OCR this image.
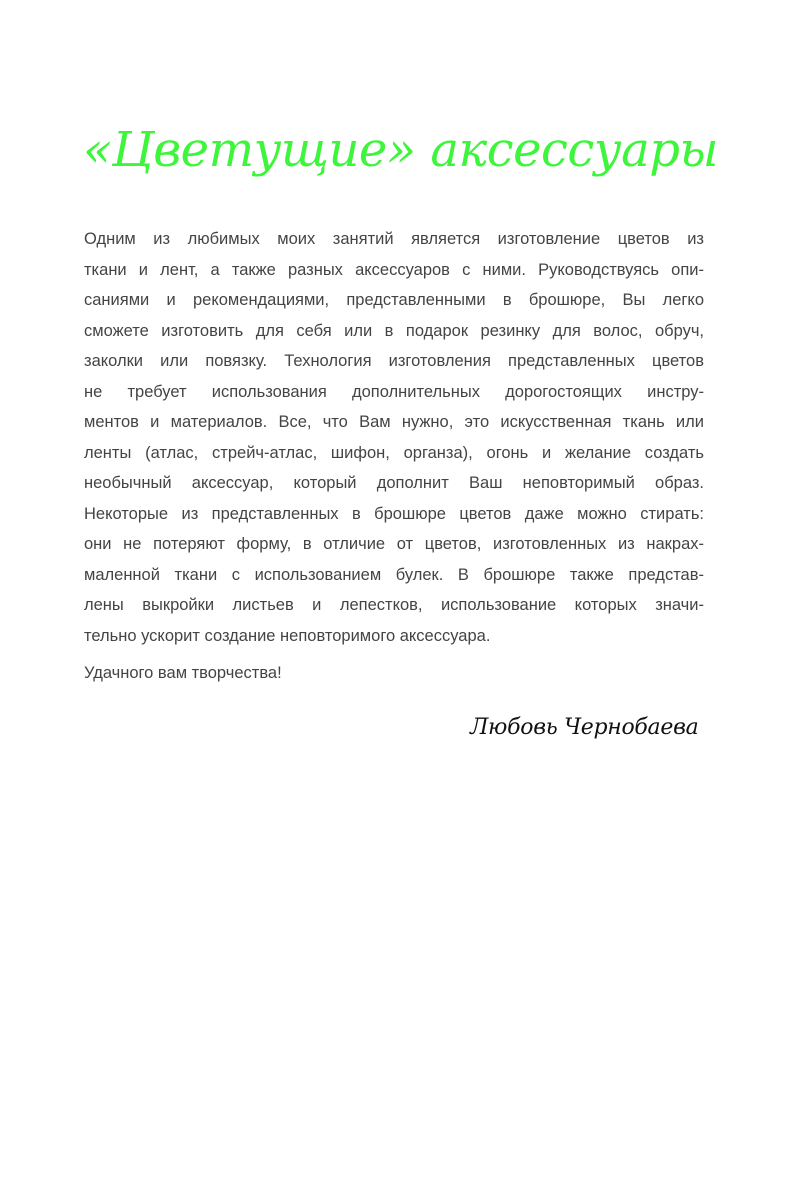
«Цветущие» аксессуары
Одним из любимых моих занятий является изготовление цветов из
ткани и лент, а также разных аксессуаров с ними. Руководствуясь опи-
саниями и рекомендациями, представленными в брошюре, Вы легко
сможете изготовить для себя или в подарок резинку для волос, обруч,
заколки или повязку. Технология изготовления представленных цветов
не требует использования дополнительных дорогостоящих инстру-
ментов и материалов. Все, что Вам нужно, это искусственная ткань или
ленты (атлас, стрейч-атлас, шифон, органза), огонь и желание создать
необычный аксессуар, который дополнит Ваш неповторимый образ.
Некоторые из представленных в брошюре цветов даже можно стирать:
они не потеряют форму, в отличие от цветов, изготовленных из накрах-
маленной ткани с использованием булек. В брошюре также представ-
лены выкройки листьев и лепестков, использование которых значи-
тельно ускорит создание неповторимого аксессуара.

Удачного вам творчества!

Любовь Чернобаева
